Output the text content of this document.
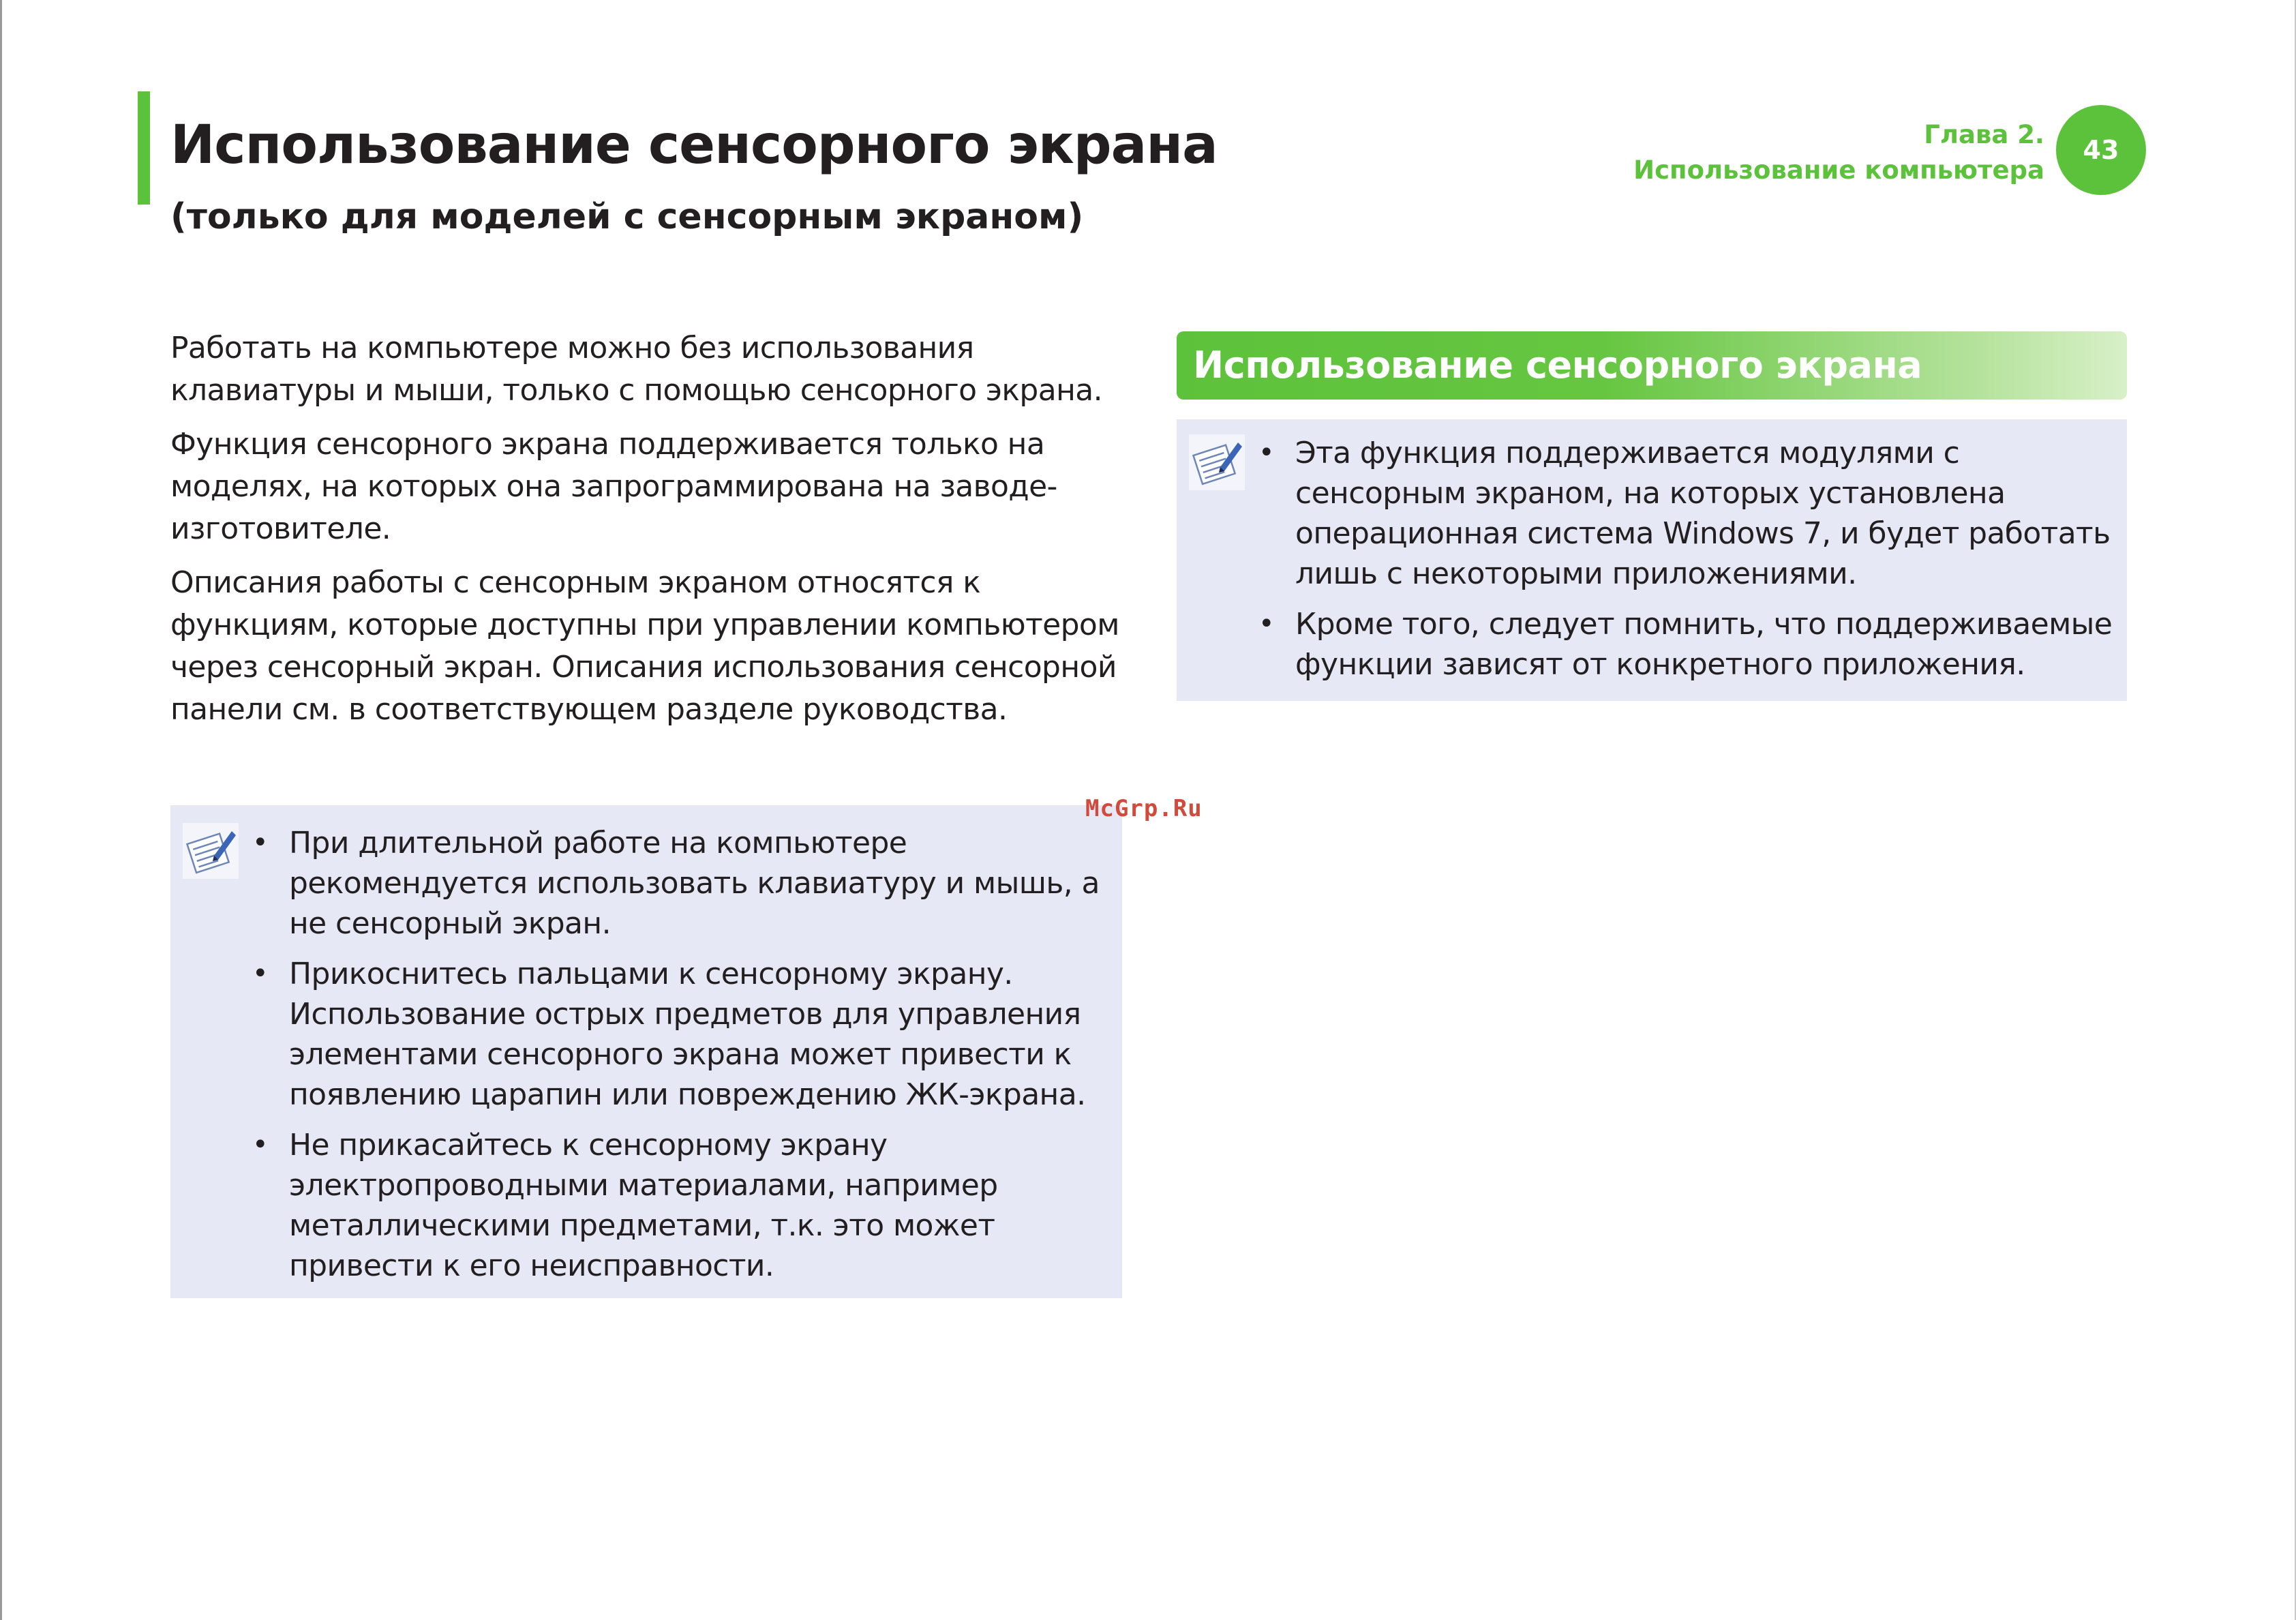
Использование сенсорного экрана
(только для моделей с сенсорным экраном)
Глава 2.
Использование компьютера
43

Работать на компьютере можно без использования клавиатуры и мыши, только с помощью сенсорного экрана.

Функция сенсорного экрана поддерживается только на моделях, на которых она запрограммирована на заводе-изготовителе.

Описания работы с сенсорным экраном относятся к функциям, которые доступны при управлении компьютером через сенсорный экран. Описания использования сенсорной панели см. в соответствующем разделе руководства.

• При длительной работе на компьютере рекомендуется использовать клавиатуру и мышь, а не сенсорный экран.
• Прикоснитесь пальцами к сенсорному экрану. Использование острых предметов для управления элементами сенсорного экрана может привести к появлению царапин или повреждению ЖК-экрана.
• Не прикасайтесь к сенсорному экрану электропроводными материалами, например металлическими предметами, т.к. это может привести к его неисправности.
Использование сенсорного экрана
• Эта функция поддерживается модулями с сенсорным экраном, на которых установлена операционная система Windows 7, и будет работать лишь с некоторыми приложениями.
• Кроме того, следует помнить, что поддерживаемые функции зависят от конкретного приложения.
McGrp.Ru
